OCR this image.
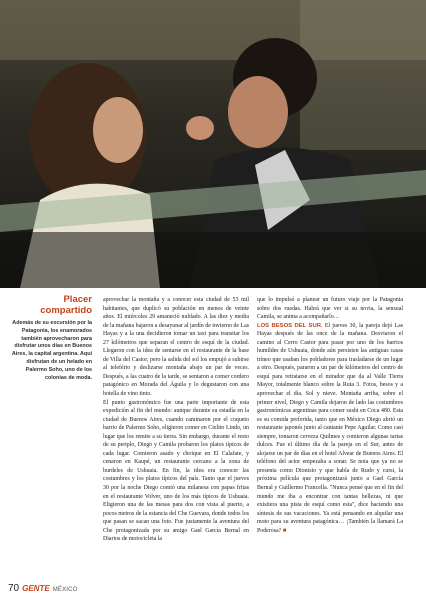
Placer compartido

Además de su excursión por la Patagonia, los enamorados también aprovecharon para disfrutar unos días en Buenos Aires, la capital argentina. Aquí disfrutan de un helado en Palermo Soho, uno de los colonias de moda.

aprovechar la montaña y a conocer esta ciudad de 53 mil habitantes, que duplicó su población en menos de veinte años. El miércoles 29 amaneció nublado. A las diez y media de la mañana bajaron a desayunar al jardín de invierno de Las Hayas y a la una decidieron tomar un taxi para transitar los 27 kilómetros que separan el centro de esquí de la ciudad. Llegaron con la idea de sentarse en el restaurante de la base de Villa del Castor, pero la salida del sol los empujó a subirse al telefério y deslizarse montaña abajo un par de veces. Después, a las cuatro de la tarde, se sentaron a comer cordero patagónico en Morada del Águila y lo degustaron con una botella de vino tinto.

El punto gastronómico fue una parte importante de esta expedición al fin del mundo: aunque durante su estadía en la ciudad de Buenos Aires, cuando caminaron por el coqueto barrio de Palermo Soho, eligieron comer en Cielito Lindo, un lugar que los remite a su tierra. Sin embargo, durante el resto de su periplo, Diego y Camila probaron los platos típicos de cada lugar. Comieron asado y choique en El Calafate, y cenaron en Kaupé, un restaurante cercano a la zona de burdeles de Ushuaia. En fin, la idea era conocer las costumbres y los platos típicos del país. Tanto que el jueves 30 por la noche Diego comió una milanesa con papas fritas en el restaurante Volver, uno de los más típicos de Ushuaia. Eligieron una de las mesas para dos con vista al puerto, a pocos metros de la estancia del Che Guevara, donde todos los que pasan se sacan una foto. Fue justamente la aventura del Che protagonizada por su amigo Gael García Bernal en Diarios de motocicleta la

que lo impulsó a planear un futuro viaje por la Patagonia sobre dos ruedas. Habrá que ver si su novia, la sensual Camila, se anima a acompañarlo…

LOS BESOS DEL SUR. El jueves 30, la pareja dejó Las Hayas después de las once de la mañana. Desviaron el camino al Cerro Castor para pasar por uno de los barrios humildes de Ushuaia, donde aún persisten las antiguas casas tríneo que usaban los pobladores para trasladarse de un lugar a otro. Después, pararon a un par de kilómetros del centro de esquí para retratarse en el mirador que da al Valle Tierra Mayor, totalmente blanco sobre la Ruta 3. Fotos, besos y a aprovechar el día. Sol y nieve. Montaña arriba, sobre el primer nivel, Diego y Camila dejaron de lado las costumbres gastronómicas argentinas para comer sushi en Coca 480. Esta es su comida preferida, tanto que en México Diego abrió un restaurante japonés junto al cantante Pepe Aguilar. Como casi siempre, tomaron cerveza Quilmes y comieron algunas tartas dulces. Fue el último día de la pareja en el Sur, antes de alojarse un par de días en el hotel Alvear de Buenos Aires. El teléfono del actor empezaba a sonar. Se nota que ya no se presenta como Dionisio y que habla de Rudo y cursi, la próxima película que protagonizará junto a Gael García Bernal y Guillermo Francella. "Nunca pensé que en el fin del mundo me iba a encontrar con tantas bellezas, ni que existiera una pista de esquí como esta", dice haciendo una síntesis de sus vacaciones. Ya está pensando en alquilar una moto para su aventura patagónica… ¡También la llamará La Poderosa? ■

70 GENTE MÉXICO
